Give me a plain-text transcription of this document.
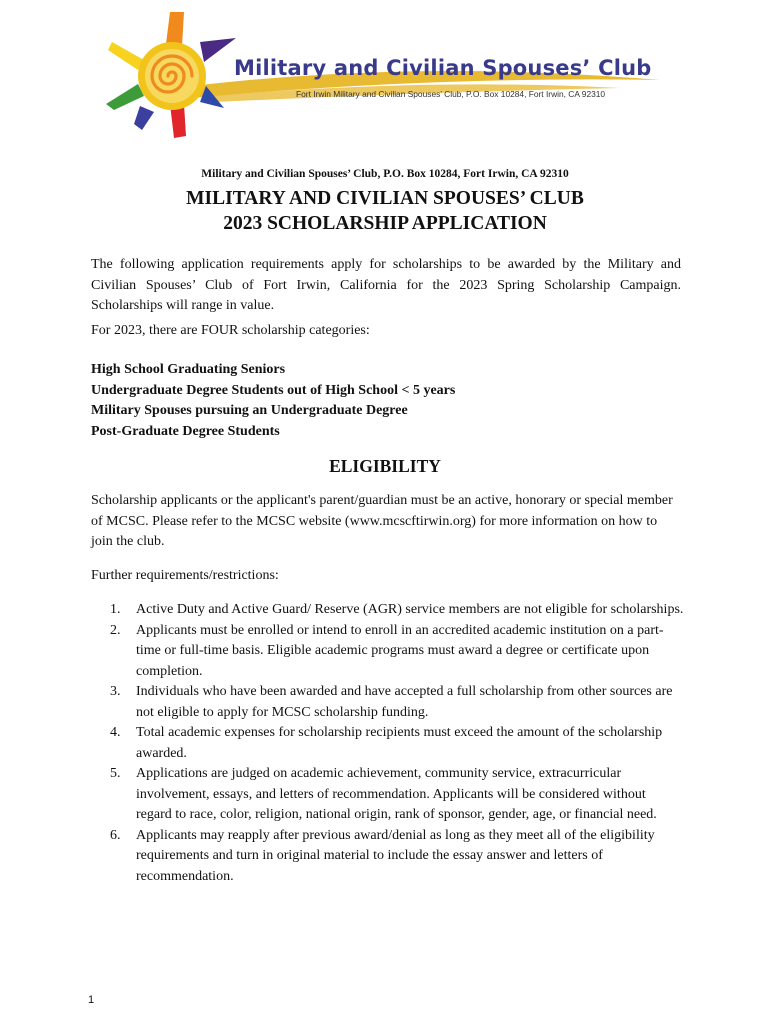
Military and Civilian Spouses’ Club
Fort Irwin Military and Civilian Spouses’ Club, P.O. Box 10284, Fort Irwin, CA 92310
Military and Civilian Spouses’ Club, P.O. Box 10284, Fort Irwin, CA 92310
MILITARY AND CIVILIAN SPOUSES’ CLUB
2023 SCHOLARSHIP APPLICATION

The following application requirements apply for scholarships to be awarded by the Military and Civilian Spouses’ Club of Fort Irwin, California for the 2023 Spring Scholarship Campaign. Scholarships will range in value.

For 2023, there are FOUR scholarship categories:

High School Graduating Seniors
Undergraduate Degree Students out of High School < 5 years
Military Spouses pursuing an Undergraduate Degree
Post-Graduate Degree Students
ELIGIBILITY

Scholarship applicants or the applicant's parent/guardian must be an active, honorary or special member of MCSC. Please refer to the MCSC website (www.mcscftirwin.org) for more information on how to join the club.

Further requirements/restrictions:

1. Active Duty and Active Guard/ Reserve (AGR) service members are not eligible for scholarships.
2. Applicants must be enrolled or intend to enroll in an accredited academic institution on a part-time or full-time basis. Eligible academic programs must award a degree or certificate upon completion.
3. Individuals who have been awarded and have accepted a full scholarship from other sources are not eligible to apply for MCSC scholarship funding.
4. Total academic expenses for scholarship recipients must exceed the amount of the scholarship awarded.
5. Applications are judged on academic achievement, community service, extracurricular involvement, essays, and letters of recommendation. Applicants will be considered without regard to race, color, religion, national origin, rank of sponsor, gender, age, or financial need.
6. Applicants may reapply after previous award/denial as long as they meet all of the eligibility requirements and turn in original material to include the essay answer and letters of recommendation.
1
